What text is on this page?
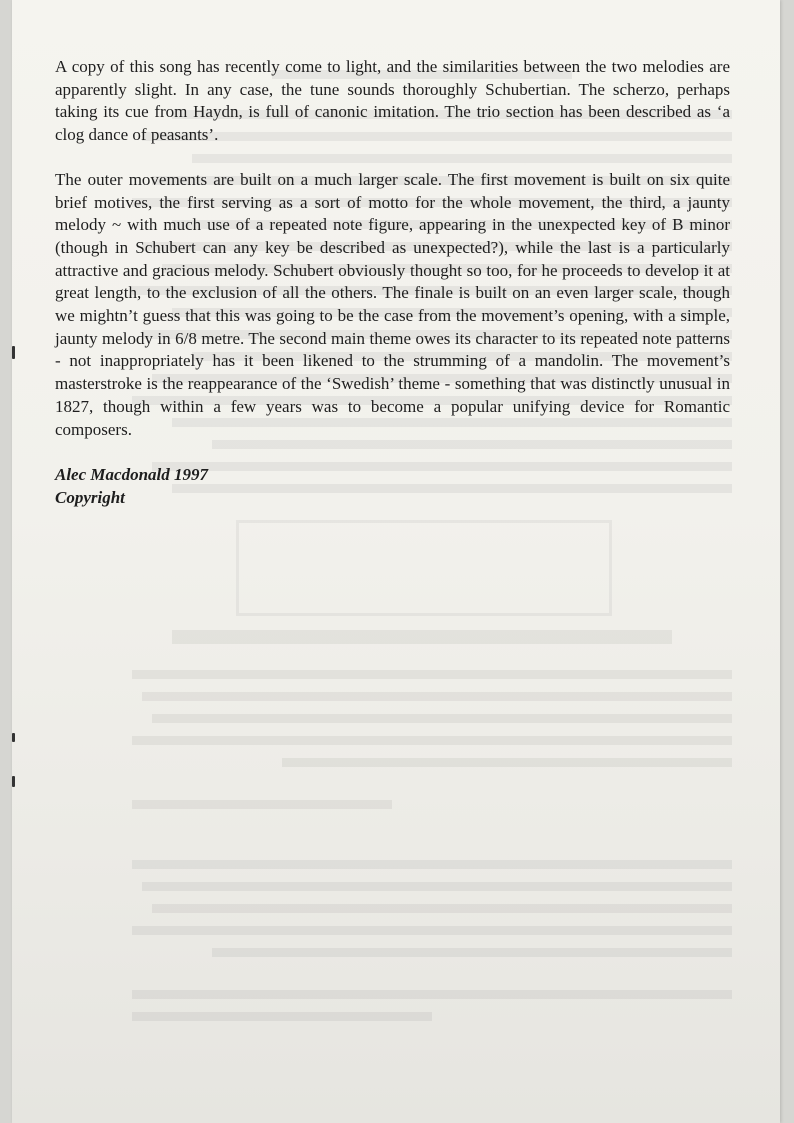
A copy of this song has recently come to light, and the similarities between the two melodies are apparently slight. In any case, the tune sounds thoroughly Schubertian. The scherzo, perhaps taking its cue from Haydn, is full of canonic imitation. The trio section has been described as ‘a clog dance of peasants’.

The outer movements are built on a much larger scale. The first movement is built on six quite brief motives, the first serving as a sort of motto for the whole movement, the third, a jaunty melody ~ with much use of a repeated note figure, appearing in the unexpected key of B minor (though in Schubert can any key be described as unexpected?), while the last is a particularly attractive and gracious melody. Schubert obviously thought so too, for he proceeds to develop it at great length, to the exclusion of all the others. The finale is built on an even larger scale, though we mightn’t guess that this was going to be the case from the movement’s opening, with a simple, jaunty melody in 6/8 metre. The second main theme owes its character to its repeated note patterns - not inappropriately has it been likened to the strumming of a mandolin. The movement’s masterstroke is the reappearance of the ‘Swedish’ theme - something that was distinctly unusual in 1827, though within a few years was to become a popular unifying device for Romantic composers.

Alec Macdonald 1997

Copyright
